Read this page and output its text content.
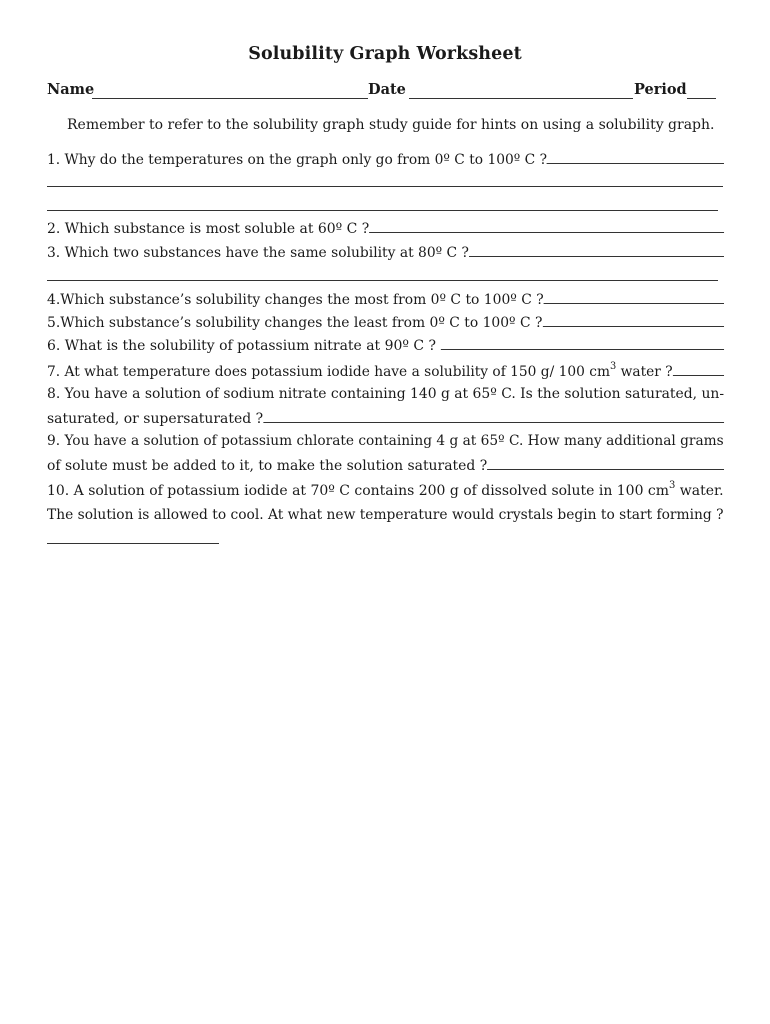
Solubility Graph Worksheet
Name	Date	Period
Remember to refer to the solubility graph study guide for hints on using a solubility graph.
1. Why do the temperatures on the graph only go from 0º C to 100º C ?
2. Which substance is most soluble at 60º C ?
3. Which two substances have the same solubility at 80º C ?
4.Which substance’s solubility changes the most from 0º C to 100º C ?
5.Which substance’s solubility changes the least from 0º C to 100º C ?
6. What is the solubility of potassium nitrate at 90º C ?
7. At what temperature does potassium iodide have a solubility of 150 g/ 100 $cm^3$ water ?
8. You have a solution of sodium nitrate containing 140 g at 65º C. Is the solution saturated, un-
saturated, or supersaturated ?
9. You have a solution of potassium chlorate containing 4 g at 65º C. How many additional grams
of solute must be added to it, to make the solution saturated ?
10. A solution of potassium iodide at 70º C contains 200 g of dissolved solute in 100 $cm^3$ water.
The solution is allowed to cool. At what new temperature would crystals begin to start forming ?
